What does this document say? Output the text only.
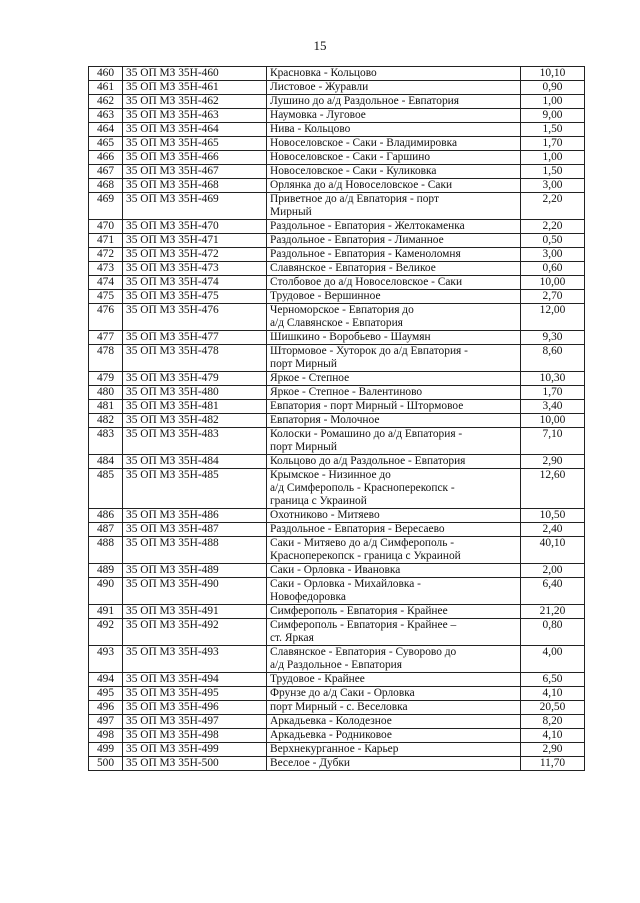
15
460	35 ОП МЗ 35Н-460	Красновка - Кольцово	10,10
461	35 ОП МЗ 35Н-461	Листовое - Журавли	0,90
462	35 ОП МЗ 35Н-462	Лушино до а/д Раздольное - Евпатория	1,00
463	35 ОП МЗ 35Н-463	Наумовка - Луговое	9,00
464	35 ОП МЗ 35Н-464	Нива - Кольцово	1,50
465	35 ОП МЗ 35Н-465	Новоселовское - Саки - Владимировка	1,70
466	35 ОП МЗ 35Н-466	Новоселовское - Саки - Гаршино	1,00
467	35 ОП МЗ 35Н-467	Новоселовское - Саки - Куликовка	1,50
468	35 ОП МЗ 35Н-468	Орлянка до а/д Новоселовское - Саки	3,00
469	35 ОП МЗ 35Н-469	Приветное до а/д Евпатория - порт
Мирный	2,20
470	35 ОП МЗ 35Н-470	Раздольное - Евпатория - Желтокаменка	2,20
471	35 ОП МЗ 35Н-471	Раздольное - Евпатория - Лиманное	0,50
472	35 ОП МЗ 35Н-472	Раздольное - Евпатория - Каменоломня	3,00
473	35 ОП МЗ 35Н-473	Славянское - Евпатория - Великое	0,60
474	35 ОП МЗ 35Н-474	Столбовое до а/д Новоселовское - Саки	10,00
475	35 ОП МЗ 35Н-475	Трудовое - Вершинное	2,70
476	35 ОП МЗ 35Н-476	Черноморское - Евпатория до
а/д Славянское - Евпатория	12,00
477	35 ОП МЗ 35Н-477	Шишкино - Воробьево - Шаумян	9,30
478	35 ОП МЗ 35Н-478	Штормовое - Хуторок до а/д Евпатория -
порт Мирный	8,60
479	35 ОП МЗ 35Н-479	Яркое - Степное	10,30
480	35 ОП МЗ 35Н-480	Яркое - Степное - Валентиново	1,70
481	35 ОП МЗ 35Н-481	Евпатория - порт Мирный - Штормовое	3,40
482	35 ОП МЗ 35Н-482	Евпатория - Молочное	10,00
483	35 ОП МЗ 35Н-483	Колоски - Ромашино до а/д Евпатория -
порт Мирный	7,10
484	35 ОП МЗ 35Н-484	Кольцово до а/д Раздольное - Евпатория	2,90
485	35 ОП МЗ 35Н-485	Крымское - Низинное до
а/д Симферополь - Красноперекопск -
граница с Украиной	12,60
486	35 ОП МЗ 35Н-486	Охотниково - Митяево	10,50
487	35 ОП МЗ 35Н-487	Раздольное - Евпатория - Вересаево	2,40
488	35 ОП МЗ 35Н-488	Саки - Митяево до а/д Симферополь -
Красноперекопск - граница с Украиной	40,10
489	35 ОП МЗ 35Н-489	Саки - Орловка - Ивановка	2,00
490	35 ОП МЗ 35Н-490	Саки - Орловка - Михайловка -
Новофедоровка	6,40
491	35 ОП МЗ 35Н-491	Симферополь - Евпатория - Крайнее	21,20
492	35 ОП МЗ 35Н-492	Симферополь - Евпатория - Крайнее –
ст. Яркая	0,80
493	35 ОП МЗ 35Н-493	Славянское - Евпатория - Суворово до
а/д Раздольное - Евпатория	4,00
494	35 ОП МЗ 35Н-494	Трудовое - Крайнее	6,50
495	35 ОП МЗ 35Н-495	Фрунзе до а/д Саки - Орловка	4,10
496	35 ОП МЗ 35Н-496	порт Мирный - с. Веселовка	20,50
497	35 ОП МЗ 35Н-497	Аркадьевка - Колодезное	8,20
498	35 ОП МЗ 35Н-498	Аркадьевка - Родниковое	4,10
499	35 ОП МЗ 35Н-499	Верхнекурганное - Карьер	2,90
500	35 ОП МЗ 35Н-500	Веселое - Дубки	11,70
